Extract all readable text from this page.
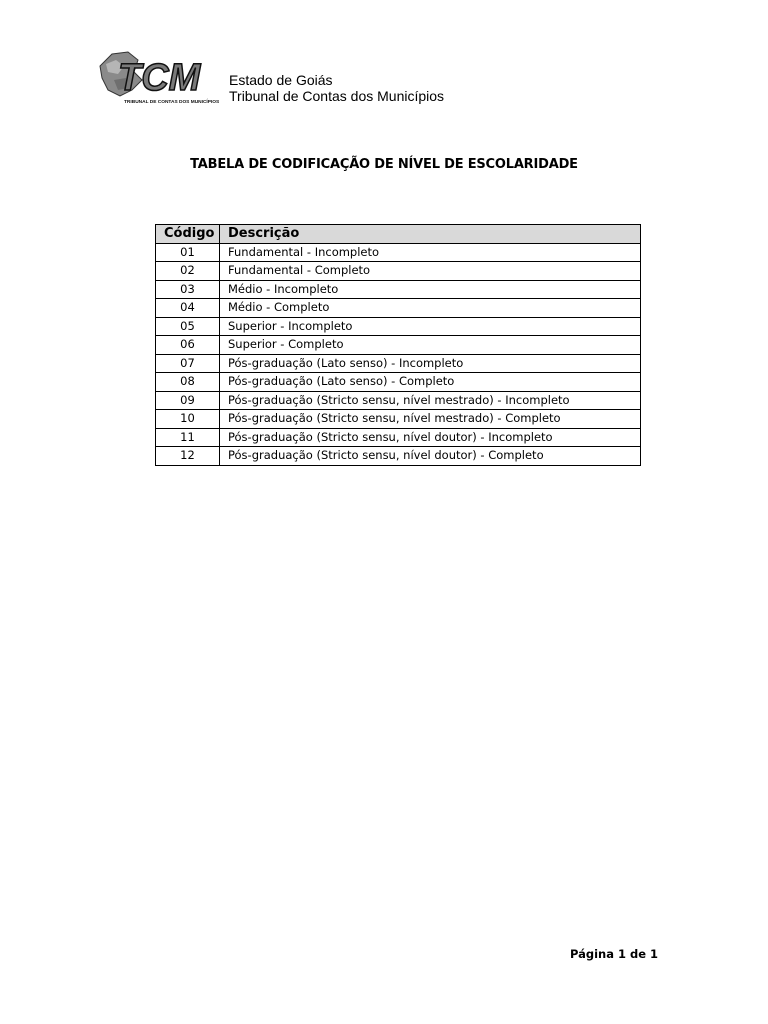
TCM
TRIBUNAL DE CONTAS DOS MUNICÍPIOS
Estado de Goiás
Tribunal de Contas dos Municípios
TABELA DE CODIFICAÇÃO DE NÍVEL DE ESCOLARIDADE
Código	Descrição
01	Fundamental - Incompleto
02	Fundamental - Completo
03	Médio - Incompleto
04	Médio - Completo
05	Superior - Incompleto
06	Superior - Completo
07	Pós-graduação (Lato senso) - Incompleto
08	Pós-graduação (Lato senso) - Completo
09	Pós-graduação (Stricto sensu, nível mestrado) - Incompleto
10	Pós-graduação (Stricto sensu, nível mestrado) - Completo
11	Pós-graduação (Stricto sensu, nível doutor) - Incompleto
12	Pós-graduação (Stricto sensu, nível doutor) - Completo
Página 1 de 1
